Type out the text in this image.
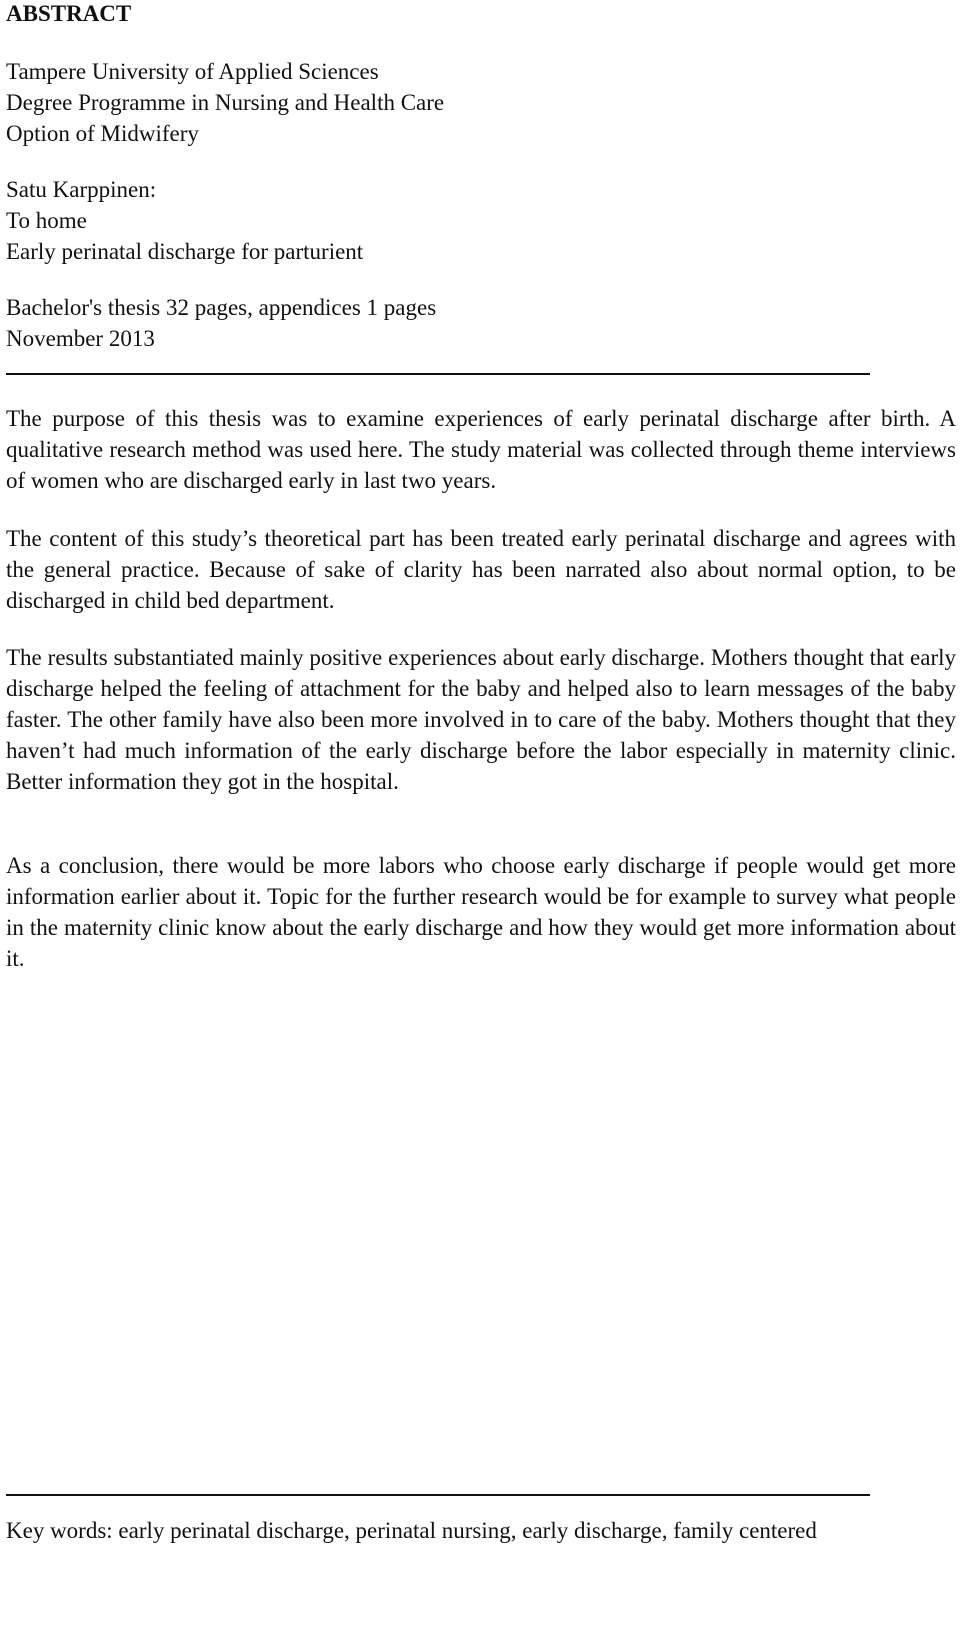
ABSTRACT
Tampere University of Applied Sciences
Degree Programme in Nursing and Health Care
Option of Midwifery
Satu Karppinen:
To home
Early perinatal discharge for parturient
Bachelor's thesis 32 pages, appendices 1 pages
November 2013
The purpose of this thesis was to examine experiences of early perinatal discharge after birth. A qualitative research method was used here. The study material was collected through theme interviews of women who are discharged early in last two years.
The content of this study’s theoretical part has been treated early perinatal discharge and agrees with the general practice. Because of sake of clarity has been narrated also about normal option, to be discharged in child bed department.
The results substantiated mainly positive experiences about early discharge. Mothers thought that early discharge helped the feeling of attachment for the baby and helped also to learn messages of the baby faster. The other family have also been more involved in to care of the baby. Mothers thought that they haven’t had much information of the early discharge before the labor especially in maternity clinic. Better information they got in the hospital.
As a conclusion, there would be more labors who choose early discharge if people would get more information earlier about it. Topic for the further research would be for example to survey what people in the maternity clinic know about the early discharge and how they would get more information about it.
Key words: early perinatal discharge, perinatal nursing, early discharge, family centered
